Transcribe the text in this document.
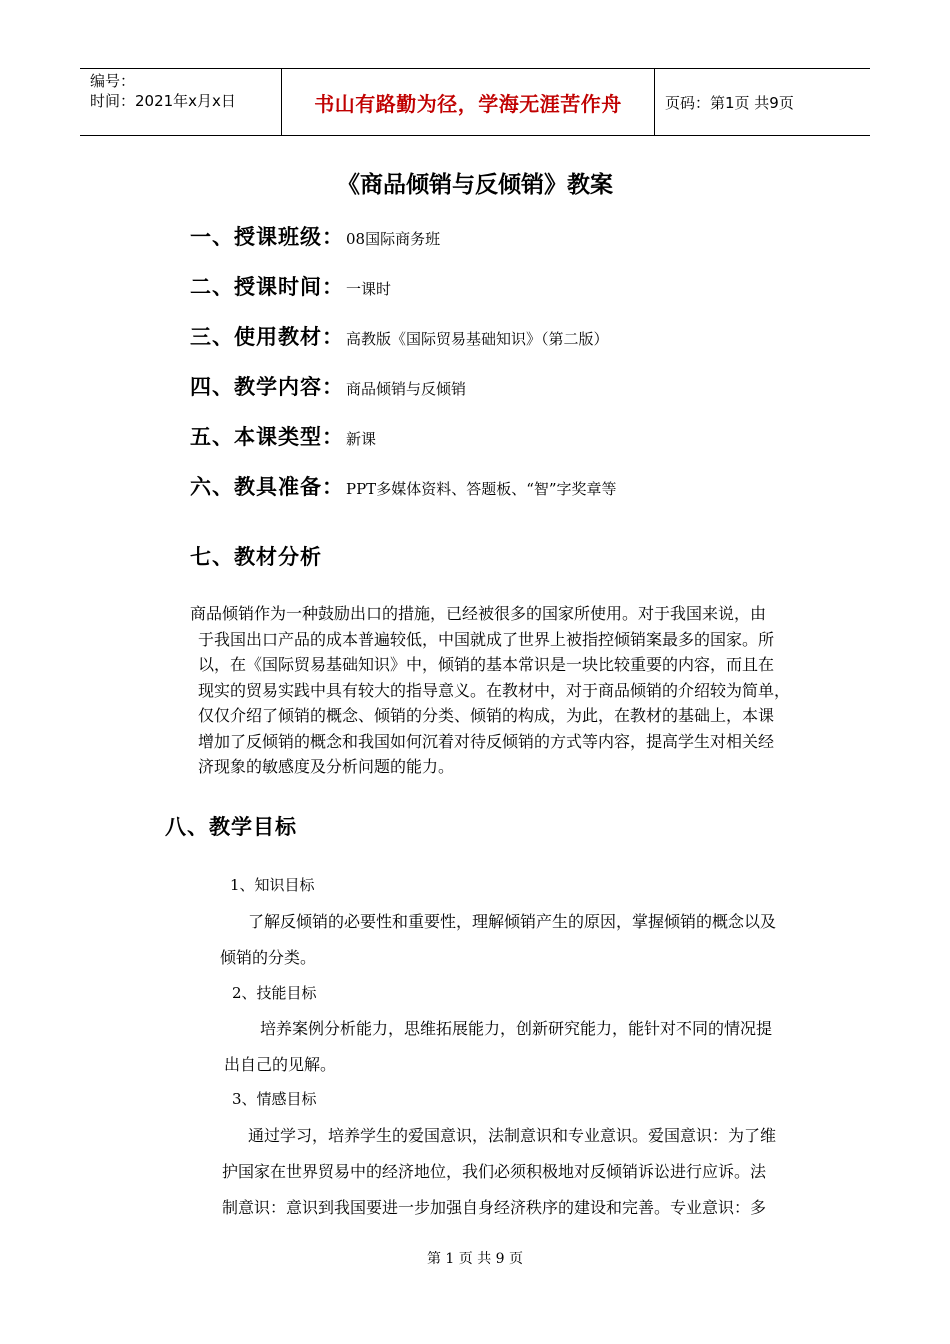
编号：
时间：2021年x月x日	书山有路勤为径，学海无涯苦作舟	页码：第1页 共9页
《商品倾销与反倾销》教案
一、授课班级： 08国际商务班
二、授课时间： 一课时
三、使用教材： 高教版《国际贸易基础知识》（第二版）
四、教学内容： 商品倾销与反倾销
五、本课类型： 新课
六、教具准备： PPT多媒体资料、答题板、“智”字奖章等
七、教材分析
商品倾销作为一种鼓励出口的措施，已经被很多的国家所使用。对于我国来说，由
于我国出口产品的成本普遍较低，中国就成了世界上被指控倾销案最多的国家。所
以，在《国际贸易基础知识》中，倾销的基本常识是一块比较重要的内容，而且在
现实的贸易实践中具有较大的指导意义。在教材中，对于商品倾销的介绍较为简单，
仅仅介绍了倾销的概念、倾销的分类、倾销的构成，为此，在教材的基础上，本课
增加了反倾销的概念和我国如何沉着对待反倾销的方式等内容，提高学生对相关经
济现象的敏感度及分析问题的能力。
八、教学目标
1、知识目标
了解反倾销的必要性和重要性，理解倾销产生的原因，掌握倾销的概念以及
倾销的分类。
2、技能目标
培养案例分析能力，思维拓展能力，创新研究能力，能针对不同的情况提
出自己的见解。
3、情感目标
通过学习，培养学生的爱国意识，法制意识和专业意识。爱国意识：为了维
护国家在世界贸易中的经济地位，我们必须积极地对反倾销诉讼进行应诉。法
制意识：意识到我国要进一步加强自身经济秩序的建设和完善。专业意识：多
第 1 页 共 9 页
